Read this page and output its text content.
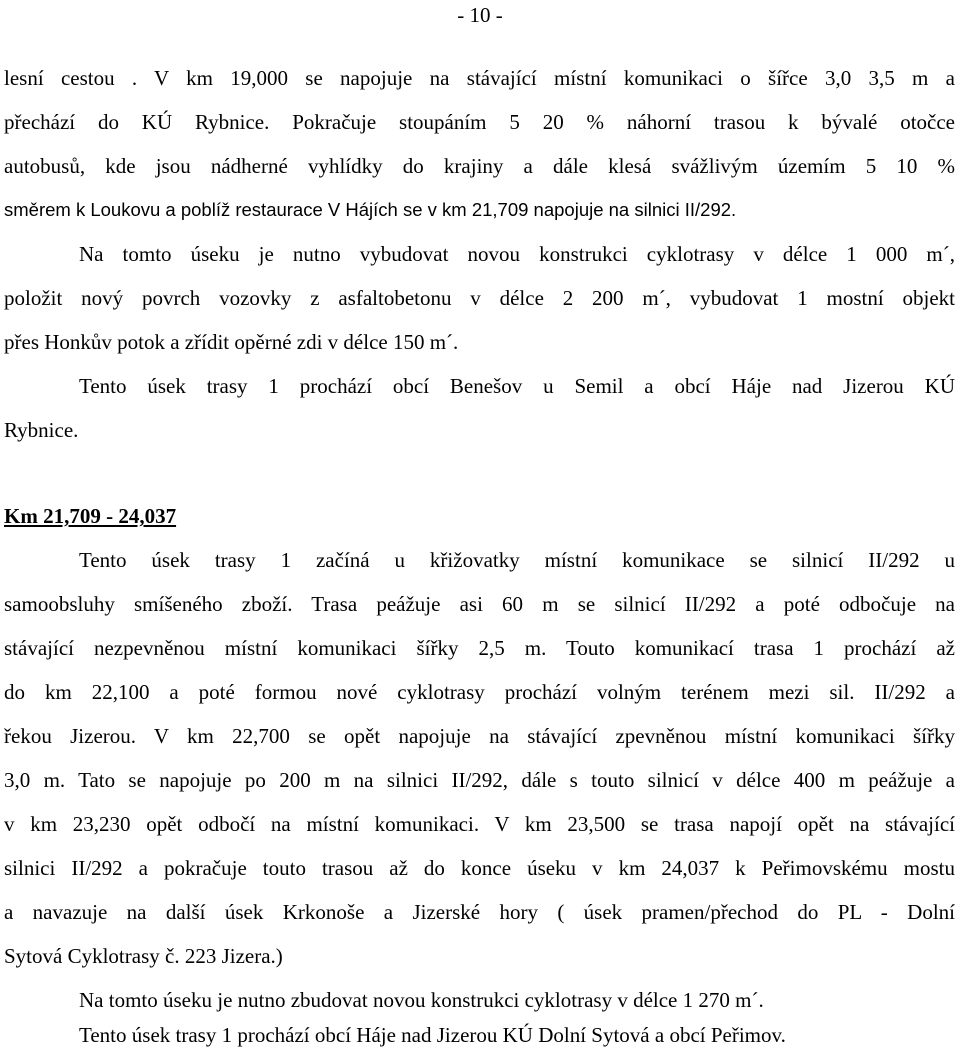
- 10 -
lesní cestou . V km 19,000 se napojuje na stávající místní komunikaci o šířce 3,0 3,5 m a
přechází do KÚ Rybnice. Pokračuje stoupáním 5 20 % náhorní trasou k bývalé otočce
autobusů, kde jsou nádherné vyhlídky do krajiny a dále klesá svážlivým územím 5 10 %
směrem k Loukovu a poblíž restaurace V Hájích se v km 21,709 napojuje na silnici II/292.
Na tomto úseku je nutno vybudovat novou konstrukci cyklotrasy v délce 1 000 m´,
položit nový povrch vozovky z asfaltobetonu v délce 2 200 m´, vybudovat 1 mostní objekt
přes Honkův potok a zřídit opěrné zdi v délce 150 m´.
Tento úsek trasy 1 prochází obcí Benešov u Semil a obcí Háje nad Jizerou KÚ
Rybnice.
Km 21,709 - 24,037
Tento úsek trasy 1 začíná u křižovatky místní komunikace se silnicí II/292 u
samoobsluhy smíšeného zboží. Trasa peážuje asi 60 m se silnicí II/292 a poté odbočuje na
stávající nezpevněnou místní komunikaci šířky 2,5 m. Touto komunikací trasa 1 prochází až
do km 22,100 a poté formou nové cyklotrasy prochází volným terénem mezi sil. II/292 a
řekou Jizerou. V km 22,700 se opět napojuje na stávající zpevněnou místní komunikaci šířky
3,0 m. Tato se napojuje po 200 m na silnici II/292, dále s touto silnicí v délce 400 m peážuje a
v km 23,230 opět odbočí na místní komunikaci. V km 23,500 se trasa napojí opět na stávající
silnici II/292 a pokračuje touto trasou až do konce úseku v km 24,037 k Peřimovskému mostu
a navazuje na další úsek Krkonoše a Jizerské hory ( úsek pramen/přechod do PL - Dolní
Sytová Cyklotrasy č. 223 Jizera.)
Na tomto úseku je nutno zbudovat novou konstrukci cyklotrasy v délce 1 270 m´.
Tento úsek trasy 1 prochází obcí Háje nad Jizerou KÚ Dolní Sytová a obcí Peřimov.
